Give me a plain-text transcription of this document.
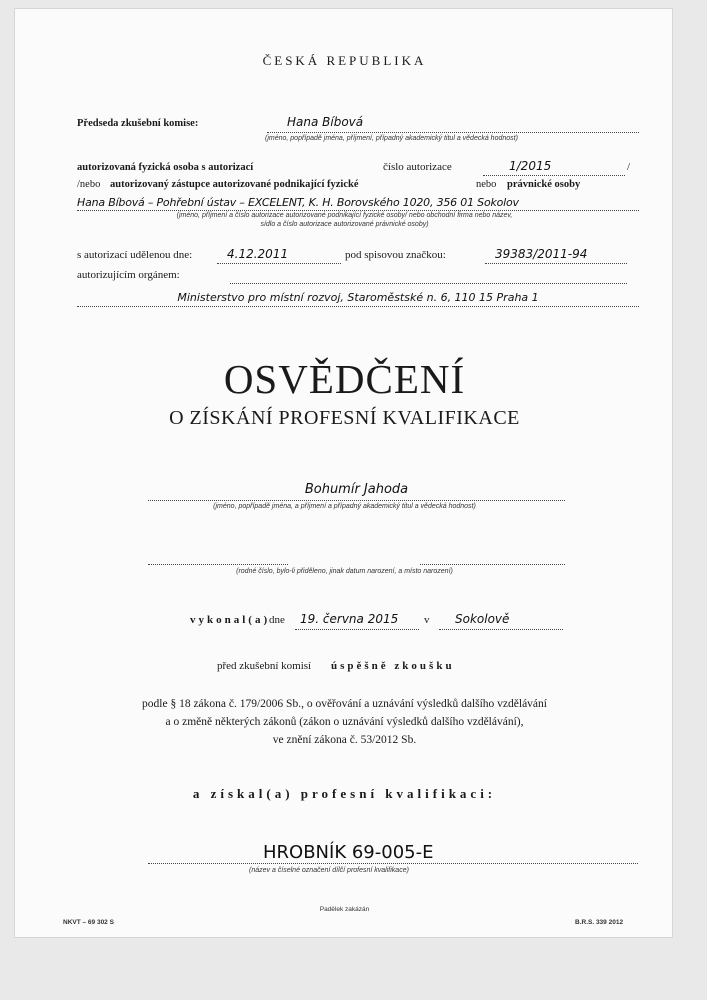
ČESKÁ REPUBLIKA
Předseda zkušební komise:	Hana Bíbová
(jméno, popřípadě jména, příjmení, případný akademický titul a vědecká hodnost)
autorizovaná fyzická osoba s autorizací	číslo autorizace	1/2015	/
/nebo autorizovaný zástupce autorizované podnikající fyzické	nebo právnické osoby
Hana Bíbová – Pohřební ústav – EXCELENT, K. H. Borovského 1020, 356 01 Sokolov
(jméno, příjmení a číslo autorizace autorizované podnikající fyzické osoby/ nebo obchodní firma nebo název,
sídlo a číslo autorizace autorizované právnické osoby)
s autorizací udělenou dne:	4.12.2011	pod spisovou značkou:	39383/2011-94
autorizujícím orgánem:
Ministerstvo pro místní rozvoj, Staroměstské n. 6, 110 15 Praha 1
OSVĚDČENÍ
O ZÍSKÁNÍ PROFESNÍ KVALIFIKACE
Bohumír Jahoda
(jméno, popřípadě jména, a příjmení a případný akademický titul a vědecká hodnost)
(rodné číslo, bylo-li přiděleno, jinak datum narození, a místo narození)
vykonal(a)
dne 19. června 2015 v Sokolově
před zkušební komisí úspěšně zkoušku
podle § 18 zákona č. 179/2006 Sb., o ověřování a uznávání výsledků dalšího vzdělávání
a o změně některých zákonů (zákon o uznávání výsledků dalšího vzdělávání),
ve znění zákona č. 53/2012 Sb.
a získal(a) profesní kvalifikaci:
HROBNÍK 69-005-E
(název a číselné označení dílčí profesní kvalifikace)
Padělek zakázán
NKVT – 69 302 S	B.R.S. 339 2012
